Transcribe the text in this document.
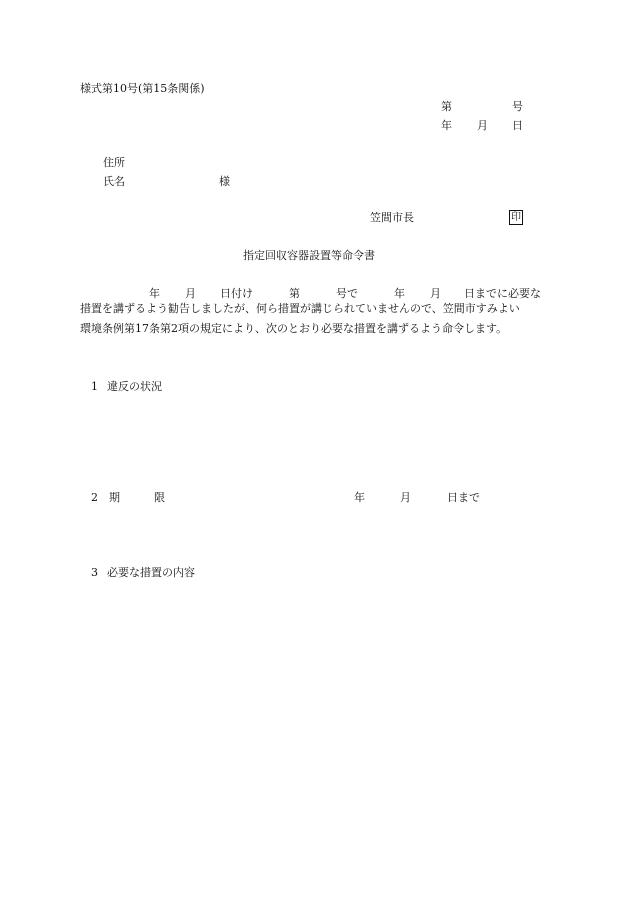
様式第10号(第15条関係)
第	号
年 月 日
住所
氏名	様
笠間市長	印
指定回収容器設置等命令書
年 月 日付け	第	号で	年 月 日までに必要な
措置を講ずるよう勧告しましたが、何ら措置が講じられていませんので、笠間市すみよい
環境条例第17条第2項の規定により、次のとおり必要な措置を講ずるよう命令します。
1 違反の状況
2 期	限	年	月	日まで
3 必要な措置の内容
